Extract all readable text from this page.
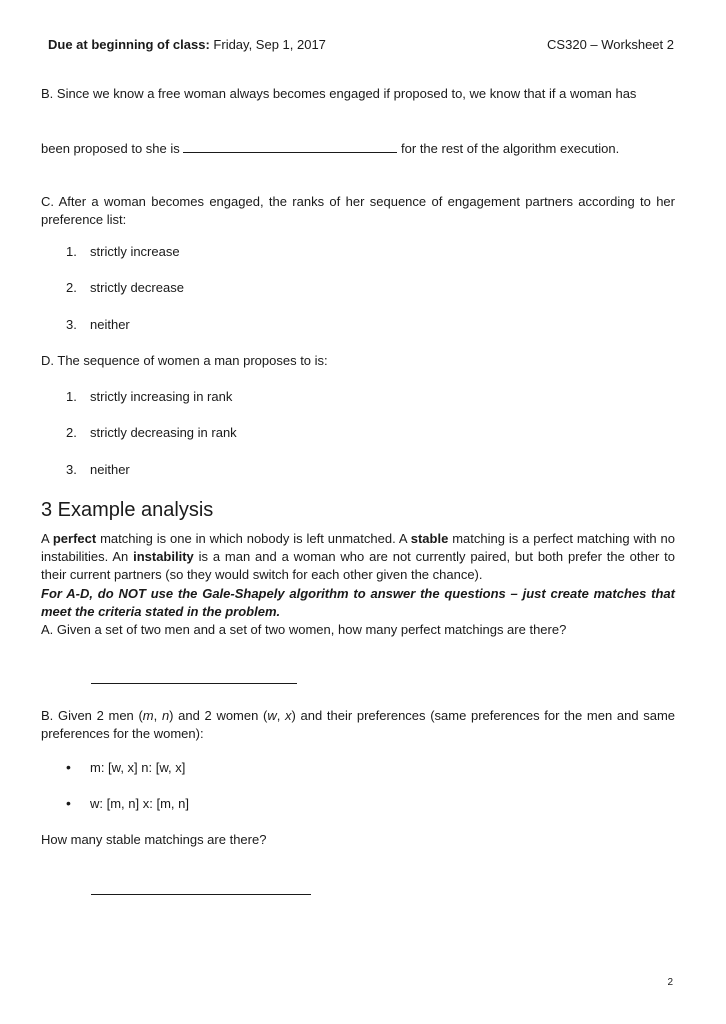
Due at beginning of class: Friday, Sep 1, 2017	CS320 – Worksheet 2
B. Since we know a free woman always becomes engaged if proposed to, we know that if a woman has
been proposed to she is	for the rest of the algorithm execution.
C. After a woman becomes engaged, the ranks of her sequence of engagement partners according to her preference list:
1. strictly increase
2. strictly decrease
3. neither
D. The sequence of women a man proposes to is:
1. strictly increasing in rank
2. strictly decreasing in rank
3. neither
3 Example analysis
A perfect matching is one in which nobody is left unmatched. A stable matching is a perfect matching with no instabilities. An instability is a man and a woman who are not currently paired, but both prefer the other to their current partners (so they would switch for each other given the chance).
For A-D, do NOT use the Gale-Shapely algorithm to answer the questions – just create matches that meet the criteria stated in the problem.
A. Given a set of two men and a set of two women, how many perfect matchings are there?
B. Given 2 men (m, n) and 2 women (w, x) and their preferences (same preferences for the men and same preferences for the women):
• m: [w, x] n: [w, x]
• w: [m, n] x: [m, n]
How many stable matchings are there?
2
